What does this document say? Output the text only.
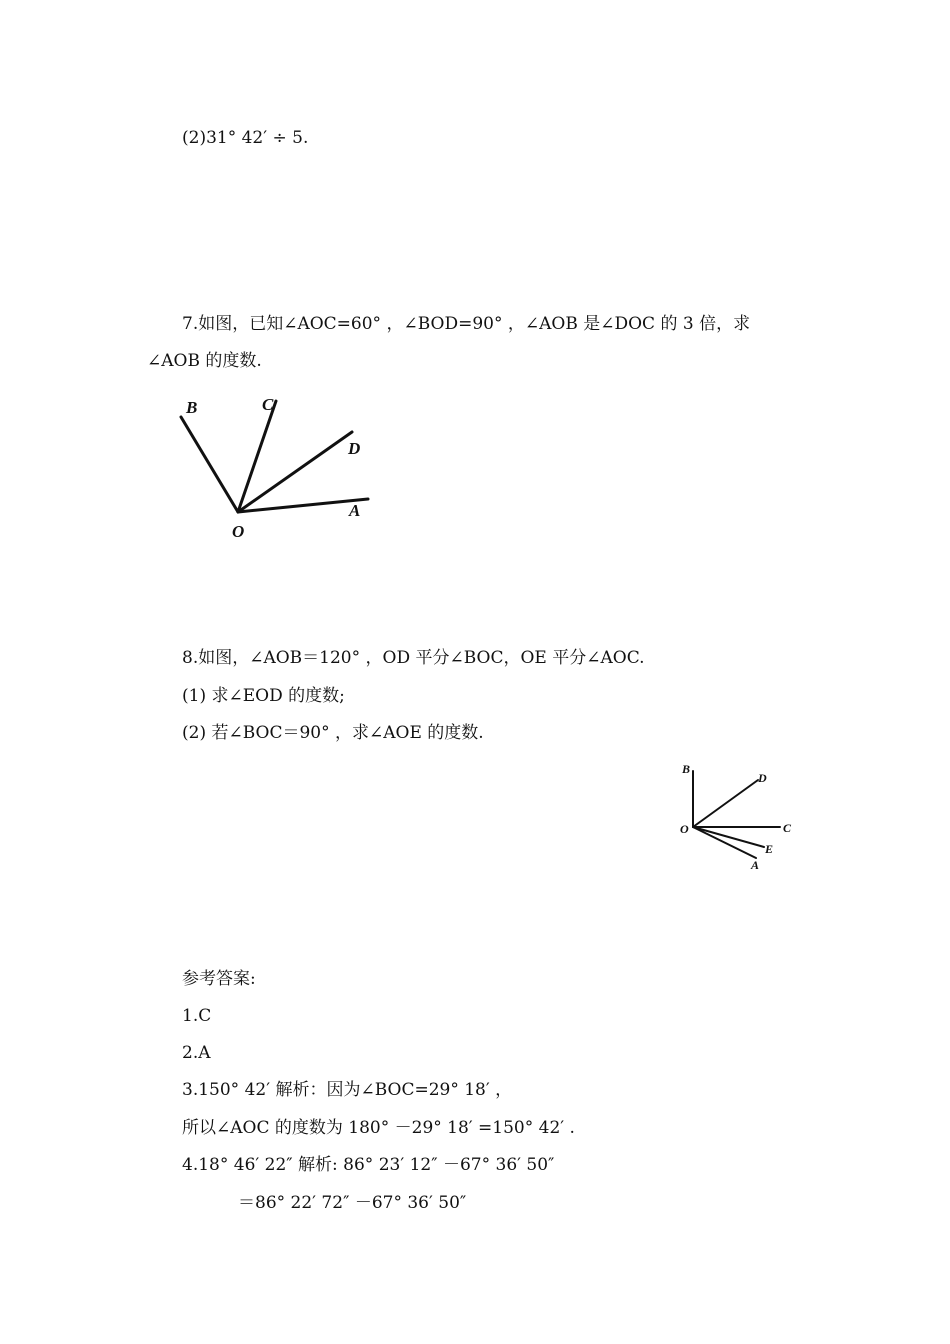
(2)31° 42′ ÷ 5.
7.如图，已知∠AOC=60° ，∠BOD=90° ，∠AOB 是∠DOC 的 3 倍，求
∠AOB 的度数.
B	C
D
A
O
8.如图，∠AOB＝120° ，OD 平分∠BOC，OE 平分∠AOC.
(1) 求∠EOD 的度数;
(2) 若∠BOC＝90° ，求∠AOE 的度数.
B
D
O	C
E
A
参考答案:
1.C
2.A
3.150° 42′ 解析：因为∠BOC=29° 18′ ，
所以∠AOC 的度数为 180° －29° 18′ =150° 42′ .
4.18° 46′ 22″ 解析: 86° 23′ 12″ －67° 36′ 50″
＝86° 22′ 72″ －67° 36′ 50″
